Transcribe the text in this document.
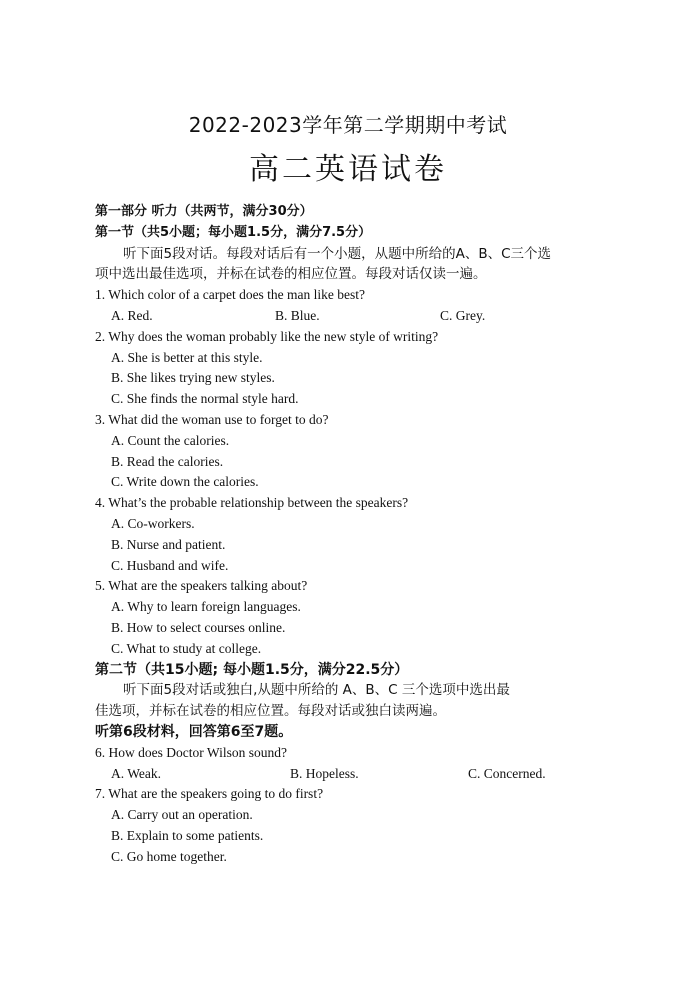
2022-2023学年第二学期期中考试
高二英语试卷
第一部分 听力（共两节，满分30分）
第一节（共5小题；每小题1.5分，满分7.5分）
听下面5段对话。每段对话后有一个小题，从题中所给的A、B、C三个选
项中选出最佳选项，并标在试卷的相应位置。每段对话仅读一遍。
1. Which color of a carpet does the man like best?
A. Red.	B. Blue.	C. Grey.
2. Why does the woman probably like the new style of writing?
A. She is better at this style.
B. She likes trying new styles.
C. She finds the normal style hard.
3. What did the woman use to forget to do?
A. Count the calories.
B. Read the calories.
C. Write down the calories.
4. What’s the probable relationship between the speakers?
A. Co-workers.
B. Nurse and patient.
C. Husband and wife.
5. What are the speakers talking about?
A. Why to learn foreign languages.
B. How to select courses online.
C. What to study at college.
第二节（共15小题; 每小题1.5分，满分22.5分）
听下面5段对话或独白,从题中所给的 A、B、C 三个选项中选出最
佳选项，并标在试卷的相应位置。每段对话或独白读两遍。
听第6段材料，回答第6至7题。
6. How does Doctor Wilson sound?
A. Weak.	B. Hopeless.	C. Concerned.
7. What are the speakers going to do first?
A. Carry out an operation.
B. Explain to some patients.
C. Go home together.
